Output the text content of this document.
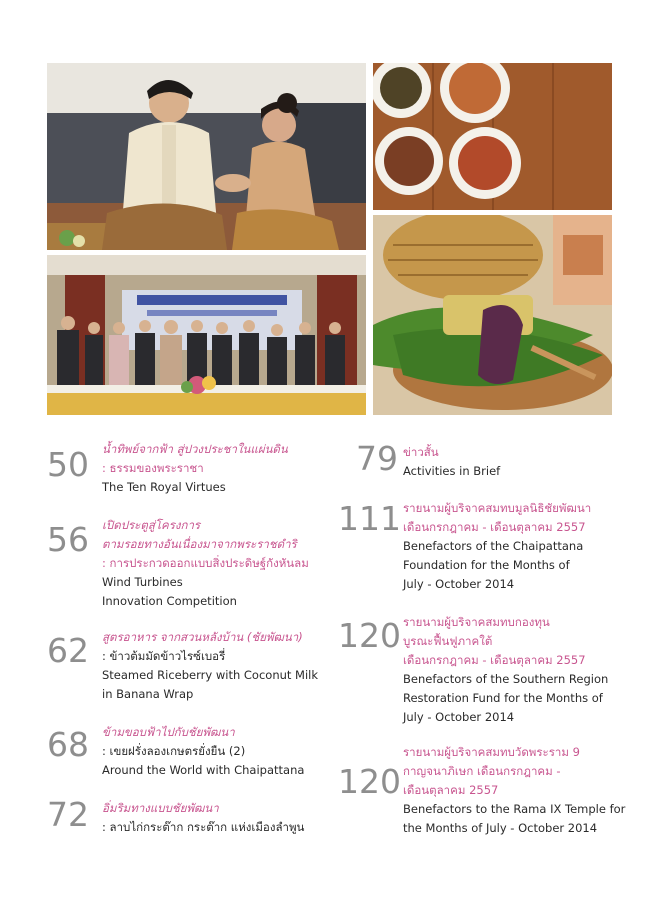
50 น้ำทิพย์จากฟ้า สู่ปวงประชาในแผ่นดิน
: ธรรมของพระราชา
The Ten Royal Virtues
56 เปิดประตูสู่โครงการ
ตามรอยทางอันเนื่องมาจากพระราชดำริ
: การประกวดออกแบบสิ่งประดิษฐ์กังหันลม
Wind Turbines
Innovation Competition
62 สูตรอาหาร จากสวนหลังบ้าน (ชัยพัฒนา)
: ข้าวต้มมัดข้าวไรซ์เบอรี่
Steamed Riceberry with Coconut Milk
in Banana Wrap
68 ข้ามขอบฟ้าไปกับชัยพัฒนา
: เขยฝรั่งลองเกษตรยั่งยืน (2)
Around the World with Chaipattana
72 อิ่มริมทางแบบชัยพัฒนา
: ลาบไก่กระต๊าก กระต๊าก แห่งเมืองลำพูน
79 ข่าวสั้น
Activities in Brief
111 รายนามผู้บริจาคสมทบมูลนิธิชัยพัฒนา
เดือนกรกฎาคม - เดือนตุลาคม 2557
Benefactors of the Chaipattana
Foundation for the Months of
July - October 2014
120 รายนามผู้บริจาคสมทบกองทุน
บูรณะฟื้นฟูภาคใต้
เดือนกรกฎาคม - เดือนตุลาคม 2557
Benefactors of the Southern Region
Restoration Fund for the Months of
July - October 2014
120
รายนามผู้บริจาคสมทบวัดพระราม 9
กาญจนาภิเษก เดือนกรกฎาคม -
เดือนตุลาคม 2557
Benefactors to the Rama IX Temple for
the Months of July - October 2014
